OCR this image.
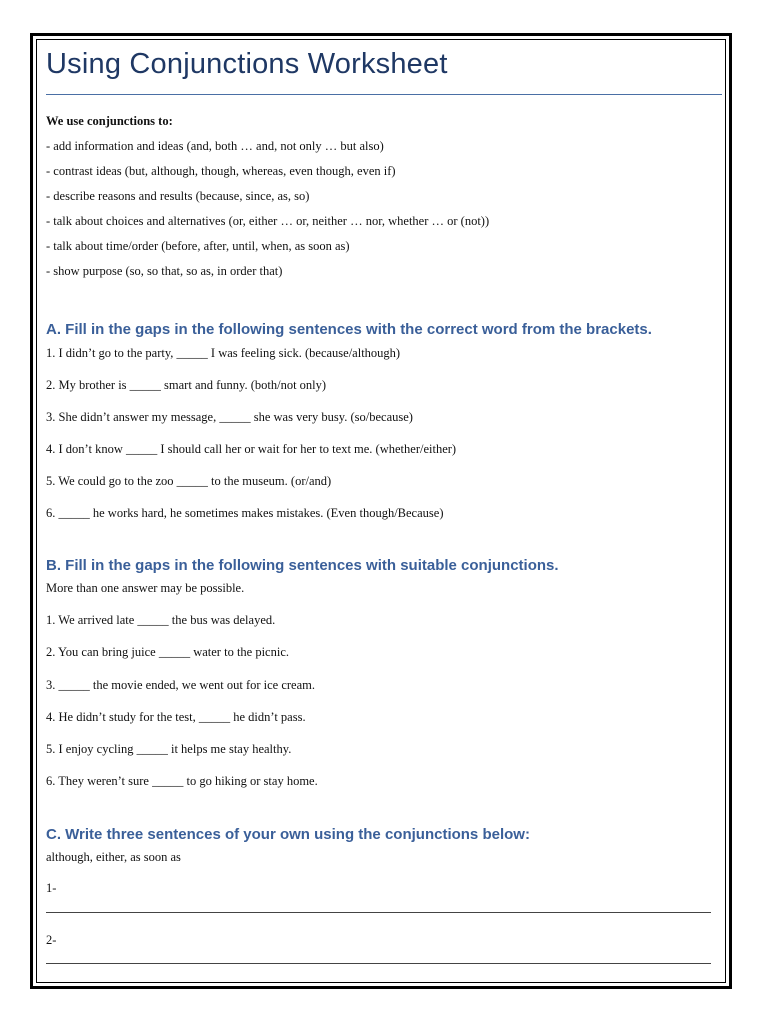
Using Conjunctions Worksheet
We use conjunctions to:
- add information and ideas (and, both … and, not only … but also)
- contrast ideas (but, although, though, whereas, even though, even if)
- describe reasons and results (because, since, as, so)
- talk about choices and alternatives (or, either … or, neither … nor, whether … or (not))
- talk about time/order (before, after, until, when, as soon as)
- show purpose (so, so that, so as, in order that)
A. Fill in the gaps in the following sentences with the correct word from the brackets.
1. I didn’t go to the party, _____ I was feeling sick. (because/although)
2. My brother is _____ smart and funny. (both/not only)
3. She didn’t answer my message, _____ she was very busy. (so/because)
4. I don’t know _____ I should call her or wait for her to text me. (whether/either)
5. We could go to the zoo _____ to the museum. (or/and)
6. _____ he works hard, he sometimes makes mistakes. (Even though/Because)
B. Fill in the gaps in the following sentences with suitable conjunctions.
More than one answer may be possible.
1. We arrived late _____ the bus was delayed.
2. You can bring juice _____ water to the picnic.
3. _____ the movie ended, we went out for ice cream.
4. He didn’t study for the test, _____ he didn’t pass.
5. I enjoy cycling _____ it helps me stay healthy.
6. They weren’t sure _____ to go hiking or stay home.
C. Write three sentences of your own using the conjunctions below:
although, either, as soon as
1-
2-
